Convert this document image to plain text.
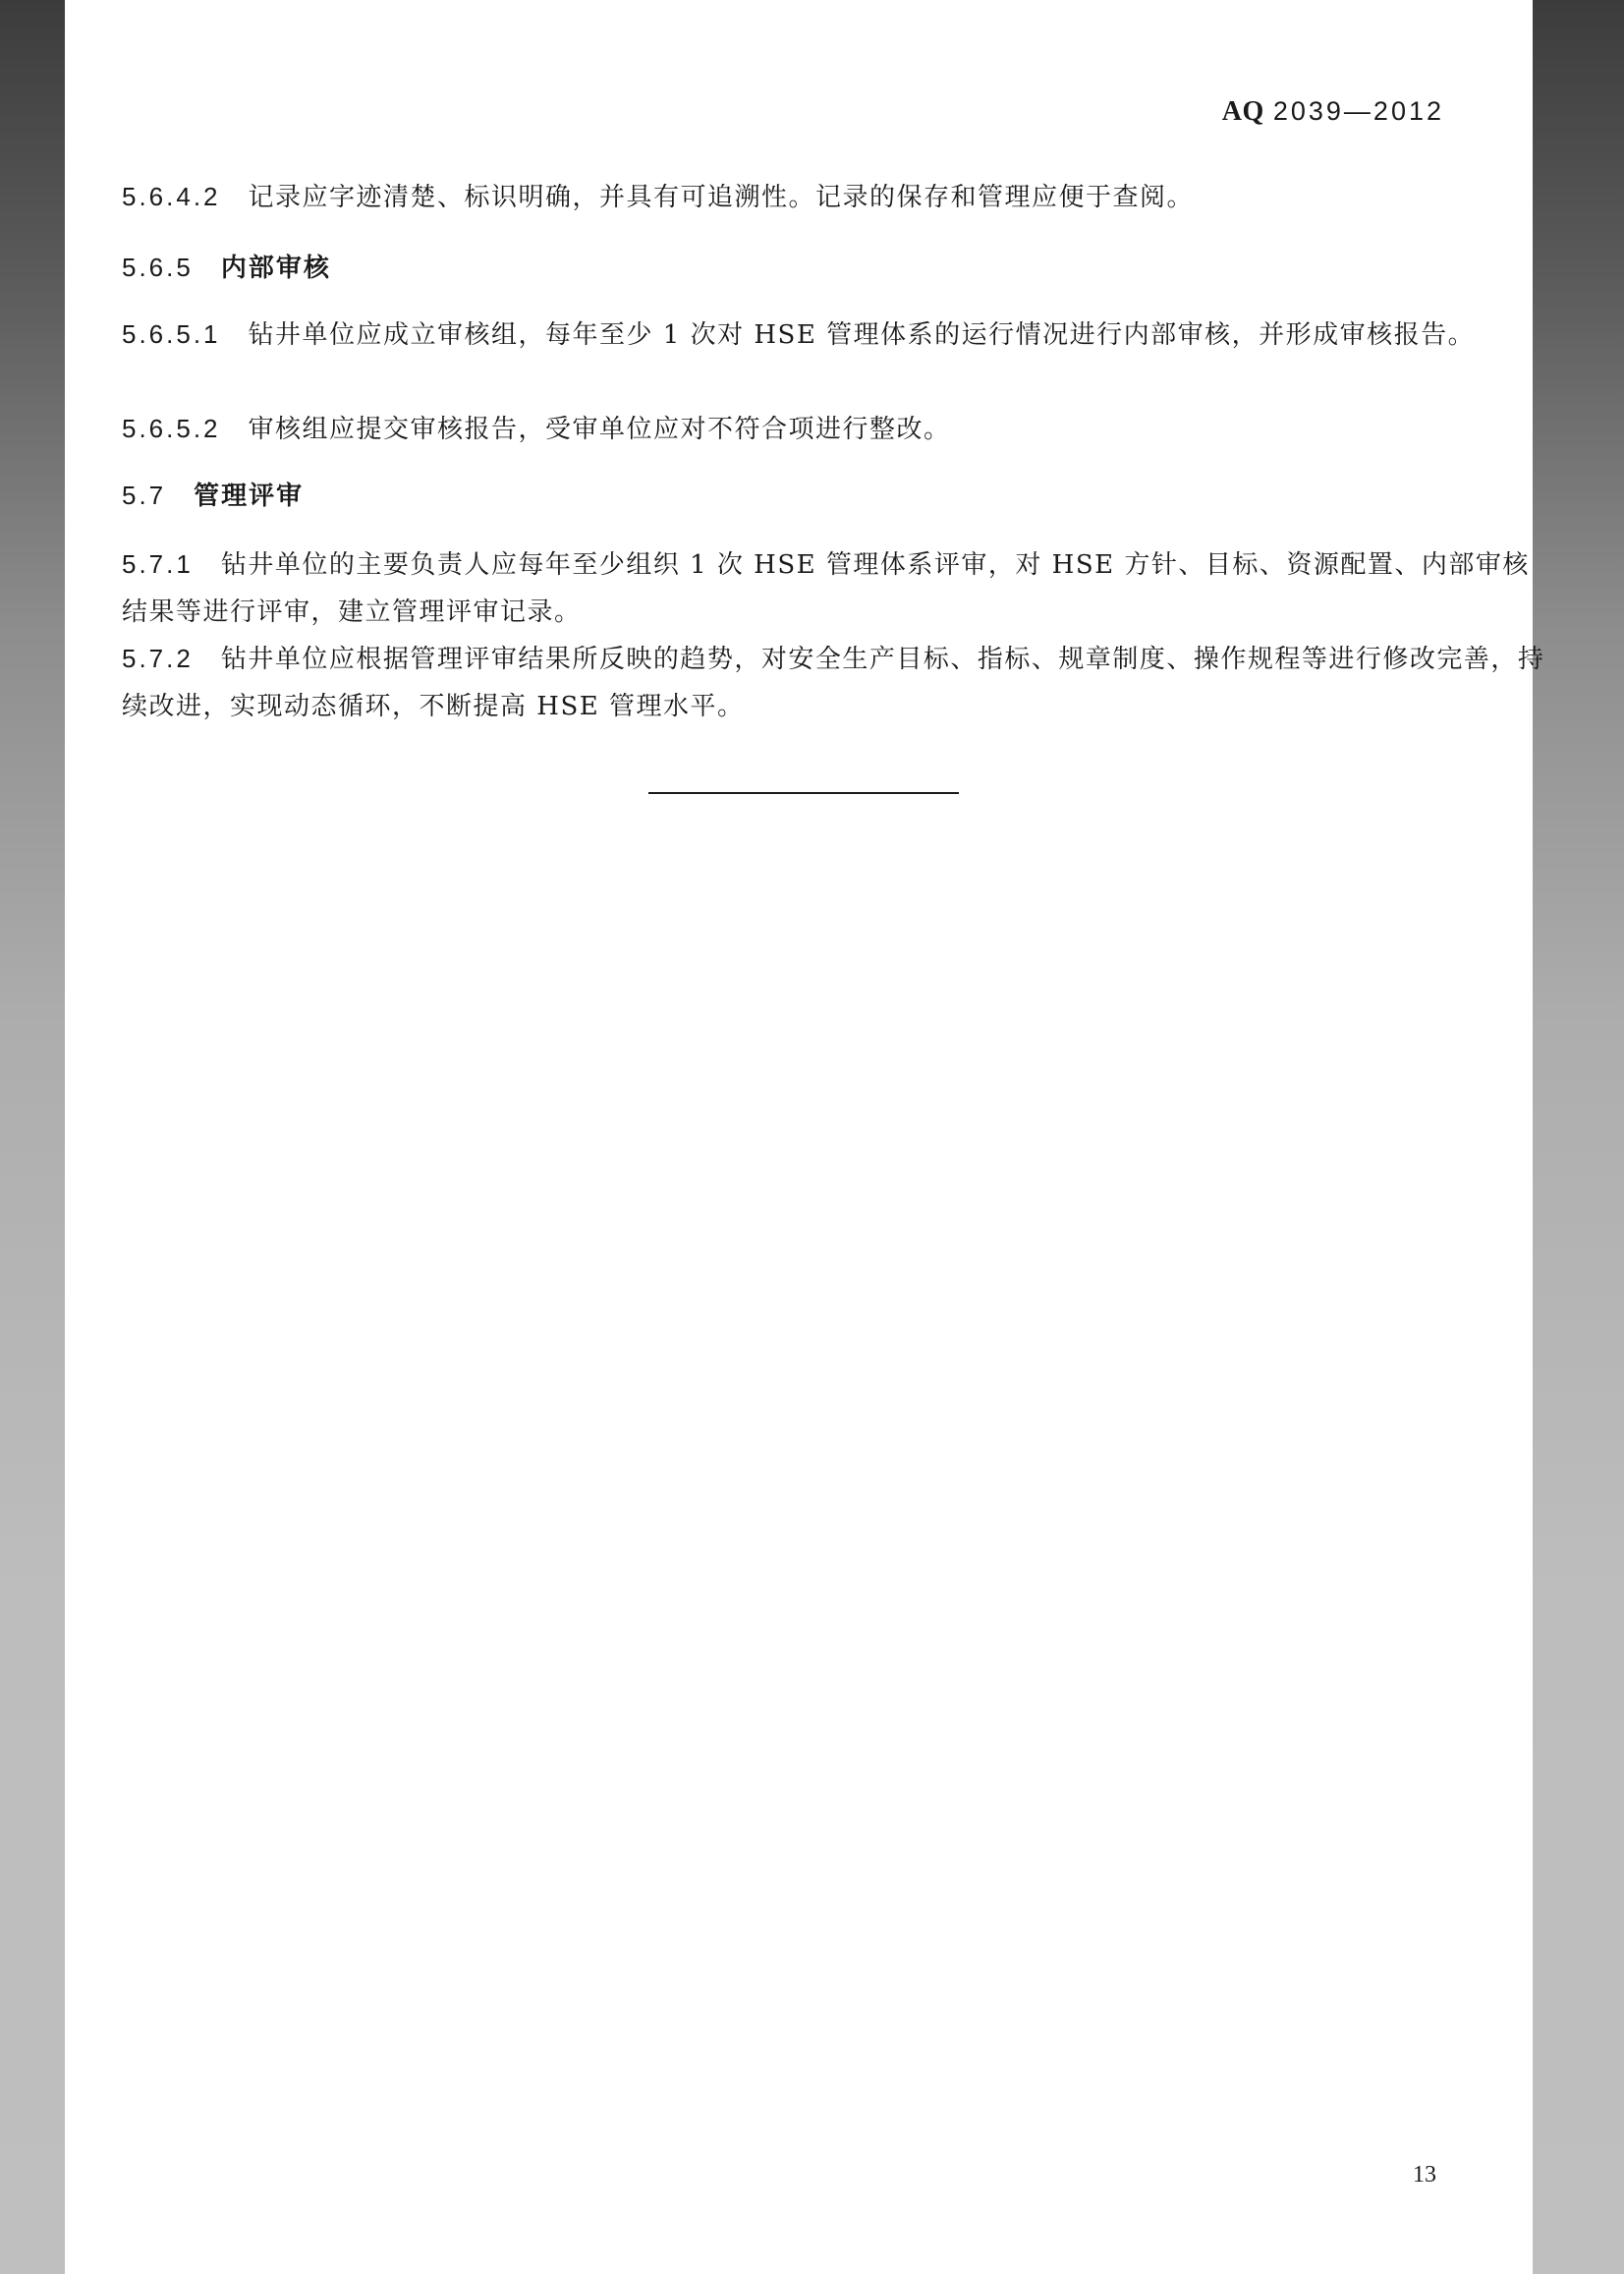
AQ 2039—2012

5.6.4.2 记录应字迹清楚、标识明确，并具有可追溯性。记录的保存和管理应便于查阅。

5.6.5 内部审核

5.6.5.1 钻井单位应成立审核组，每年至少 1 次对 HSE 管理体系的运行情况进行内部审核，并形成审核报告。

5.6.5.2 审核组应提交审核报告，受审单位应对不符合项进行整改。

5.7 管理评审

5.7.1 钻井单位的主要负责人应每年至少组织 1 次 HSE 管理体系评审，对 HSE 方针、目标、资源配置、内部审核结果等进行评审，建立管理评审记录。

5.7.2 钻井单位应根据管理评审结果所反映的趋势，对安全生产目标、指标、规章制度、操作规程等进行修改完善，持续改进，实现动态循环，不断提高 HSE 管理水平。

13
